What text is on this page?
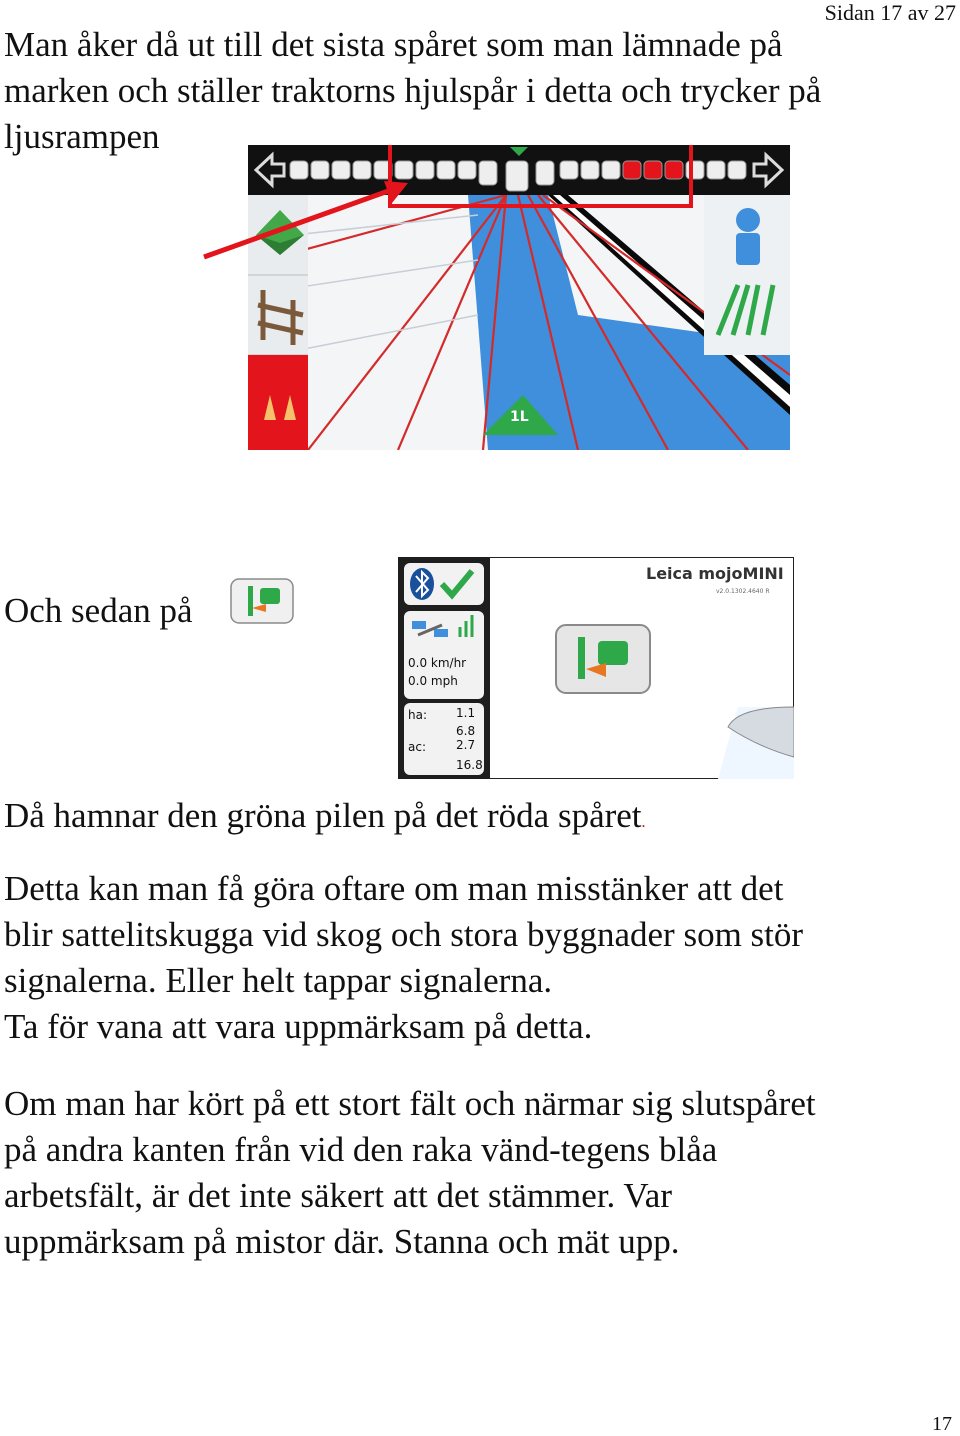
Sidan 17 av 27

Man åker då ut till det sista spåret som man lämnade på
marken och ställer traktorns hjulspår i detta och trycker på
ljusrampen

1L

Och sedan på

0.0 km/hr
0.0 mph
ha: 1.1
6.8
ac:	2.7
16.8
Leica mojoMINI
v2.0.1302.4640 R

Då hamnar den gröna pilen på det röda spåret.

Detta kan man få göra oftare om man misstänker att det
blir sattelitskugga vid skog och stora byggnader som stör
signalerna. Eller helt tappar signalerna.
Ta för vana att vara uppmärksam på detta.

Om man har kört på ett stort fält och närmar sig slutspåret
på andra kanten från vid den raka vänd-tegens blåa
arbetsfält, är det inte säkert att det stämmer. Var
uppmärksam på mistor där. Stanna och mät upp.

17
